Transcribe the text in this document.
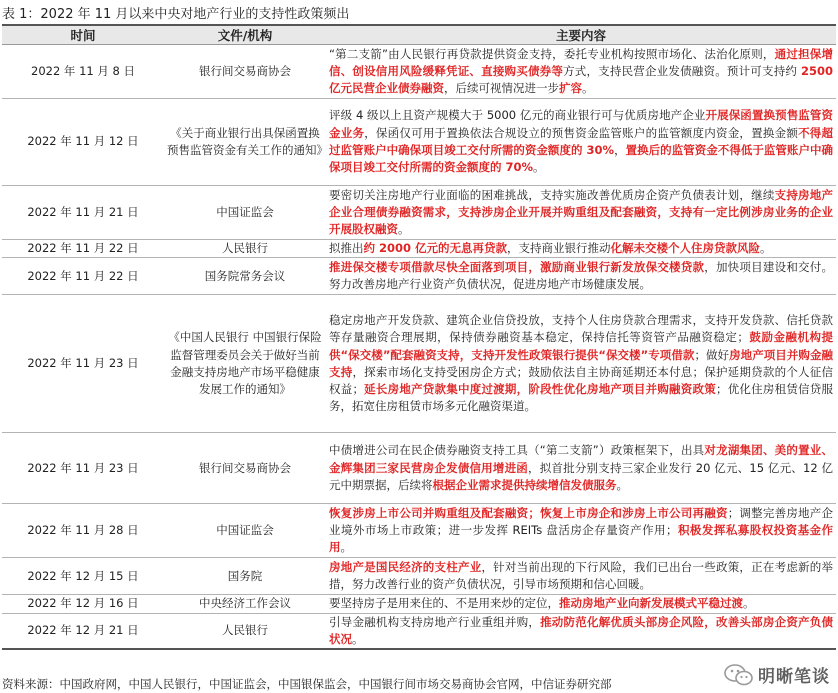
表 1：2022 年 11 月以来中央对地产行业的支持性政策频出
时间	文件/机构	主要内容
2022 年 11 月 8 日	银行间交易商协会	“第二支箭”由人民银行再贷款提供资金支持，委托专业机构按照市场化、法治化原则，通过担保增信、创设信用风险缓释凭证、直接购买债券等方式，支持民营企业发债融资。预计可支持约 2500 亿元民营企业债券融资，后续可视情况进一步扩容。
2022 年 11 月 12 日	《关于商业银行出具保函置换预售监管资金有关工作的通知》	评级 4 级以上且资产规模大于 5000 亿元的商业银行可与优质房地产企业开展保函置换预售监管资金业务，保函仅可用于置换依法合规设立的预售资金监管账户的监管额度内资金，置换金额不得超过监管账户中确保项目竣工交付所需的资金额度的 30%，置换后的监管资金不得低于监管账户中确保项目竣工交付所需的资金额度的 70%。
2022 年 11 月 21 日	中国证监会	要密切关注房地产行业面临的困难挑战，支持实施改善优质房企资产负债表计划，继续支持房地产企业合理债券融资需求，支持涉房企业开展并购重组及配套融资，支持有一定比例涉房业务的企业开展股权融资。
2022 年 11 月 22 日	人民银行	拟推出约 2000 亿元的无息再贷款，支持商业银行推动化解未交楼个人住房贷款风险。
2022 年 11 月 22 日	国务院常务会议	推进保交楼专项借款尽快全面落到项目，激励商业银行新发放保交楼贷款，加快项目建设和交付。努力改善房地产行业资产负债状况，促进房地产市场健康发展。
2022 年 11 月 23 日	《中国人民银行 中国银行保险监督管理委员会关于做好当前金融支持房地产市场平稳健康发展工作的通知》	稳定房地产开发贷款、建筑企业信贷投放，支持个人住房贷款合理需求，支持开发贷款、信托贷款等存量融资合理展期，保持债券融资基本稳定，保持信托等资管产品融资稳定；鼓励金融机构提供“保交楼”配套融资支持，支持开发性政策银行提供“保交楼”专项借款；做好房地产项目并购金融支持，探索市场化支持受困房企方式；鼓励依法自主协商延期还本付息；保护延期贷款的个人征信权益；延长房地产贷款集中度过渡期，阶段性优化房地产项目并购融资政策；优化住房租赁信贷服务，拓宽住房租赁市场多元化融资渠道。
2022 年 11 月 23 日	银行间交易商协会	中债增进公司在民企债券融资支持工具（“第二支箭”）政策框架下，出具对龙湖集团、美的置业、金辉集团三家民营房企发债信用增进函，拟首批分别支持三家企业发行 20 亿元、15 亿元、12 亿元中期票据，后续将根据企业需求提供持续增信发债服务。
2022 年 11 月 28 日	中国证监会	恢复涉房上市公司并购重组及配套融资；恢复上市房企和涉房上市公司再融资；调整完善房地产企业境外市场上市政策；进一步发挥 REITs 盘活房企存量资产作用；积极发挥私募股权投资基金作用。
2022 年 12 月 15 日	国务院	房地产是国民经济的支柱产业，针对当前出现的下行风险，我们已出台一些政策，正在考虑新的举措，努力改善行业的资产负债状况，引导市场预期和信心回暖。
2022 年 12 月 16 日	中央经济工作会议	要坚持房子是用来住的、不是用来炒的定位，推动房地产业向新发展模式平稳过渡。
2022 年 12 月 21 日	人民银行	引导金融机构支持房地产行业重组并购，推动防范化解优质头部房企风险，改善头部房企资产负债状况。
资料来源：中国政府网，中国人民银行，中国证监会，中国银保监会，中国银行间市场交易商协会官网，中信证券研究部	明晰笔谈
